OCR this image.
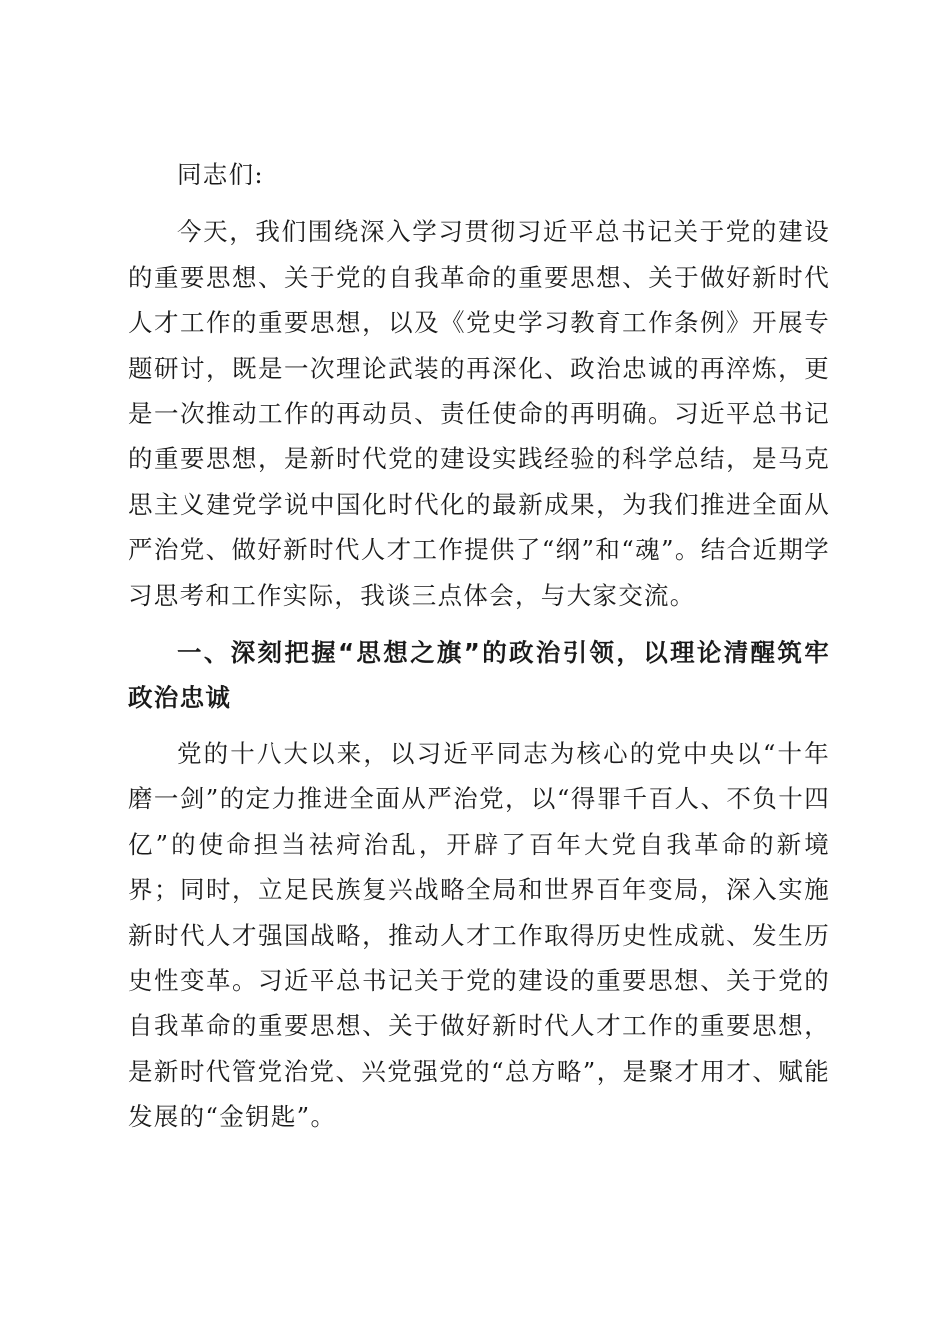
同志们:

今天，我们围绕深入学习贯彻习近平总书记关于党的建设的重要思想、关于党的自我革命的重要思想、关于做好新时代人才工作的重要思想，以及《党史学习教育工作条例》开展专题研讨，既是一次理论武装的再深化、政治忠诚的再淬炼，更是一次推动工作的再动员、责任使命的再明确。习近平总书记的重要思想，是新时代党的建设实践经验的科学总结，是马克思主义建党学说中国化时代化的最新成果，为我们推进全面从严治党、做好新时代人才工作提供了“纲”和“魂”。结合近期学习思考和工作实际，我谈三点体会，与大家交流。

一、深刻把握“思想之旗”的政治引领，以理论清醒筑牢政治忠诚

党的十八大以来，以习近平同志为核心的党中央以“十年磨一剑”的定力推进全面从严治党，以“得罪千百人、不负十四亿”的使命担当祛疴治乱，开辟了百年大党自我革命的新境界；同时，立足民族复兴战略全局和世界百年变局，深入实施新时代人才强国战略，推动人才工作取得历史性成就、发生历史性变革。习近平总书记关于党的建设的重要思想、关于党的自我革命的重要思想、关于做好新时代人才工作的重要思想，是新时代管党治党、兴党强党的“总方略”，是聚才用才、赋能发展的“金钥匙”。
